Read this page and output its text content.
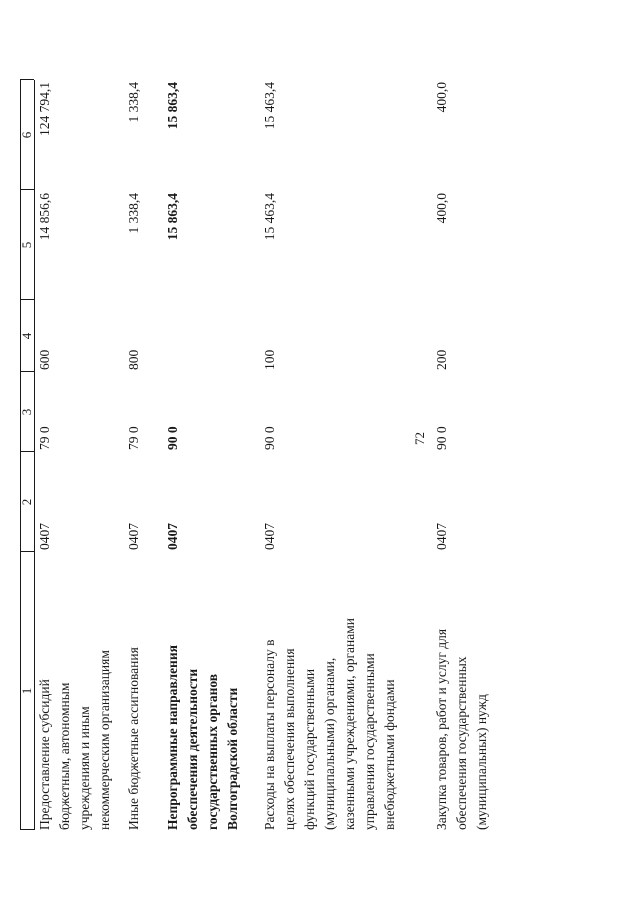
72
1
2
3
4
5
6
Предоставление субсидий бюджетным, автономным учреждениям и иным некоммерческим организациям
0407
79 0
600
14 856,6
124 794,1
Иные бюджетные ассигнования
0407
79 0
800
1 338,4
1 338,4
Непрограммные направления обеспечения деятельности государственных органов Волгоградской области
0407
90 0
15 863,4
15 863,4
Расходы на выплаты персоналу в целях обеспечения выполнения функций государственными (муниципальными) органами, казенными учреждениями, органами управления государственными внебюджетными фондами
0407
90 0
100
15 463,4
15 463,4
Закупка товаров, работ и услуг для обеспечения государственных (муниципальных) нужд
0407
90 0
200
400,0
400,0
